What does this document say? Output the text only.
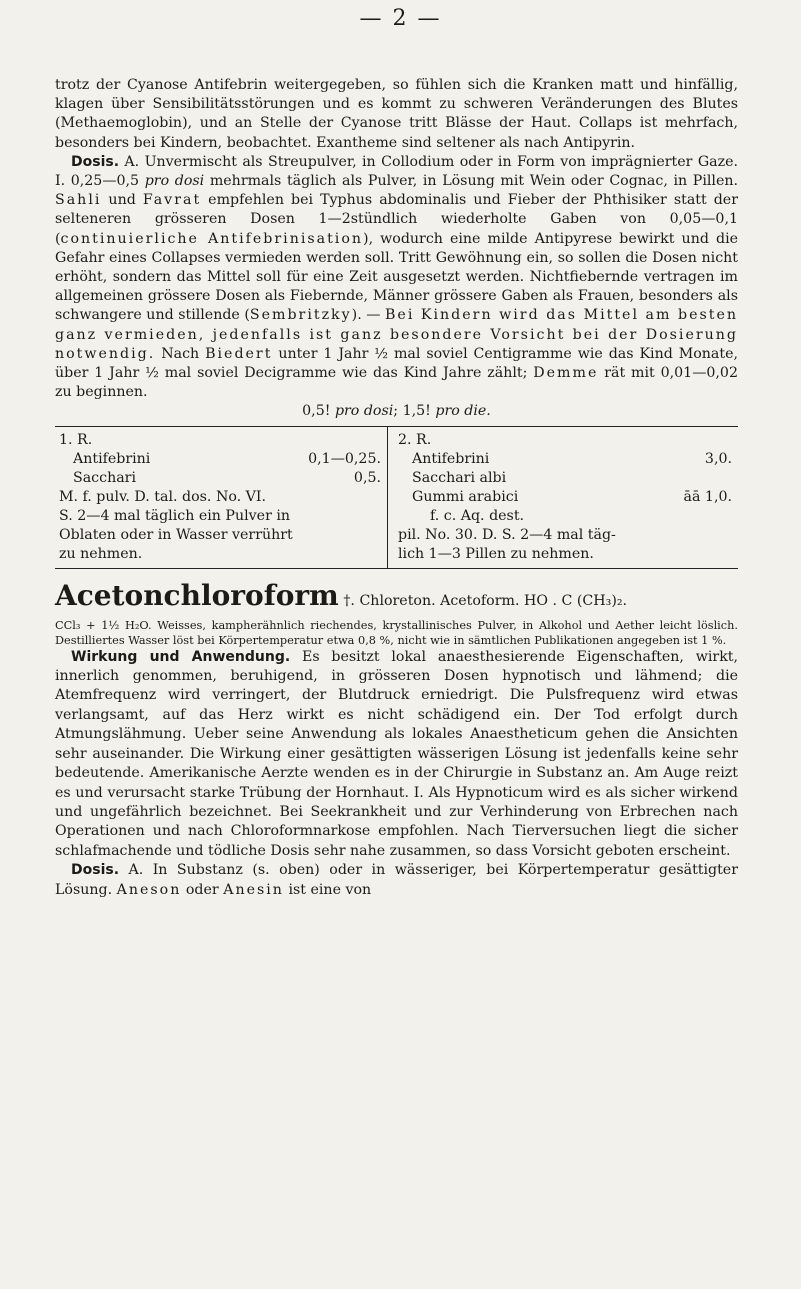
— 2 —

trotz der Cyanose Antifebrin weitergegeben, so fühlen sich die Kranken matt und hinfällig, klagen über Sensibilitätsstörungen und es kommt zu schweren Veränderungen des Blutes (Methaemoglobin), und an Stelle der Cyanose tritt Blässe der Haut. Collaps ist mehrfach, besonders bei Kindern, beobachtet. Exantheme sind seltener als nach Antipyrin.

Dosis. A. Unvermischt als Streupulver, in Collodium oder in Form von imprägnierter Gaze. I. 0,25—0,5 pro dosi mehrmals täglich als Pulver, in Lösung mit Wein oder Cognac, in Pillen. Sahli und Favrat empfehlen bei Typhus abdominalis und Fieber der Phthisiker statt der selteneren grösseren Dosen 1—2stündlich wiederholte Gaben von 0,05—0,1 (continuierliche Antifebrinisation), wodurch eine milde Antipyrese bewirkt und die Gefahr eines Collapses vermieden werden soll. Tritt Gewöhnung ein, so sollen die Dosen nicht erhöht, sondern das Mittel soll für eine Zeit ausgesetzt werden. Nichtfiebernde vertragen im allgemeinen grössere Dosen als Fiebernde, Männer grössere Gaben als Frauen, besonders als schwangere und stillende (Sembritzky). — Bei Kindern wird das Mittel am besten ganz vermieden, jedenfalls ist ganz besondere Vorsicht bei der Dosierung notwendig. Nach Biedert unter 1 Jahr ½ mal soviel Centigramme wie das Kind Monate, über 1 Jahr ½ mal soviel Decigramme wie das Kind Jahre zählt; Demme rät mit 0,01—0,02 zu beginnen.

0,5! pro dosi; 1,5! pro die.

1. R.
Antifebrini	0,1—0,25.
Sacchari	0,5.
M. f. pulv. D. tal. dos. No. VI.
S. 2—4 mal täglich ein Pulver in
Oblaten oder in Wasser verrührt
zu nehmen.
2. R.
Antifebrini	3,0.
Sacchari albi
Gummi arabici	āā 1,0.
f. c. Aq. dest.
pil. No. 30. D. S. 2—4 mal täg-
lich 1—3 Pillen zu nehmen.
Acetonchloroform †. Chloreton. Acetoform. HO . C (CH₃)₂.

CCl₃ + 1½ H₂O. Weisses, kampherähnlich riechendes, krystallinisches Pulver, in Alkohol und Aether leicht löslich. Destilliertes Wasser löst bei Körpertemperatur etwa 0,8 %, nicht wie in sämtlichen Publikationen angegeben ist 1 %.

Wirkung und Anwendung. Es besitzt lokal anaesthesierende Eigenschaften, wirkt, innerlich genommen, beruhigend, in grösseren Dosen hypnotisch und lähmend; die Atemfrequenz wird verringert, der Blutdruck erniedrigt. Die Pulsfrequenz wird etwas verlangsamt, auf das Herz wirkt es nicht schädigend ein. Der Tod erfolgt durch Atmungslähmung. Ueber seine Anwendung als lokales Anaestheticum gehen die Ansichten sehr auseinander. Die Wirkung einer gesättigten wässerigen Lösung ist jedenfalls keine sehr bedeutende. Amerikanische Aerzte wenden es in der Chirurgie in Substanz an. Am Auge reizt es und verursacht starke Trübung der Hornhaut. I. Als Hypnoticum wird es als sicher wirkend und ungefährlich bezeichnet. Bei Seekrankheit und zur Verhinderung von Erbrechen nach Operationen und nach Chloroformnarkose empfohlen. Nach Tierversuchen liegt die sicher schlafmachende und tödliche Dosis sehr nahe zusammen, so dass Vorsicht geboten erscheint.

Dosis. A. In Substanz (s. oben) oder in wässeriger, bei Körpertemperatur gesättigter Lösung. Aneson oder Anesin ist eine von
